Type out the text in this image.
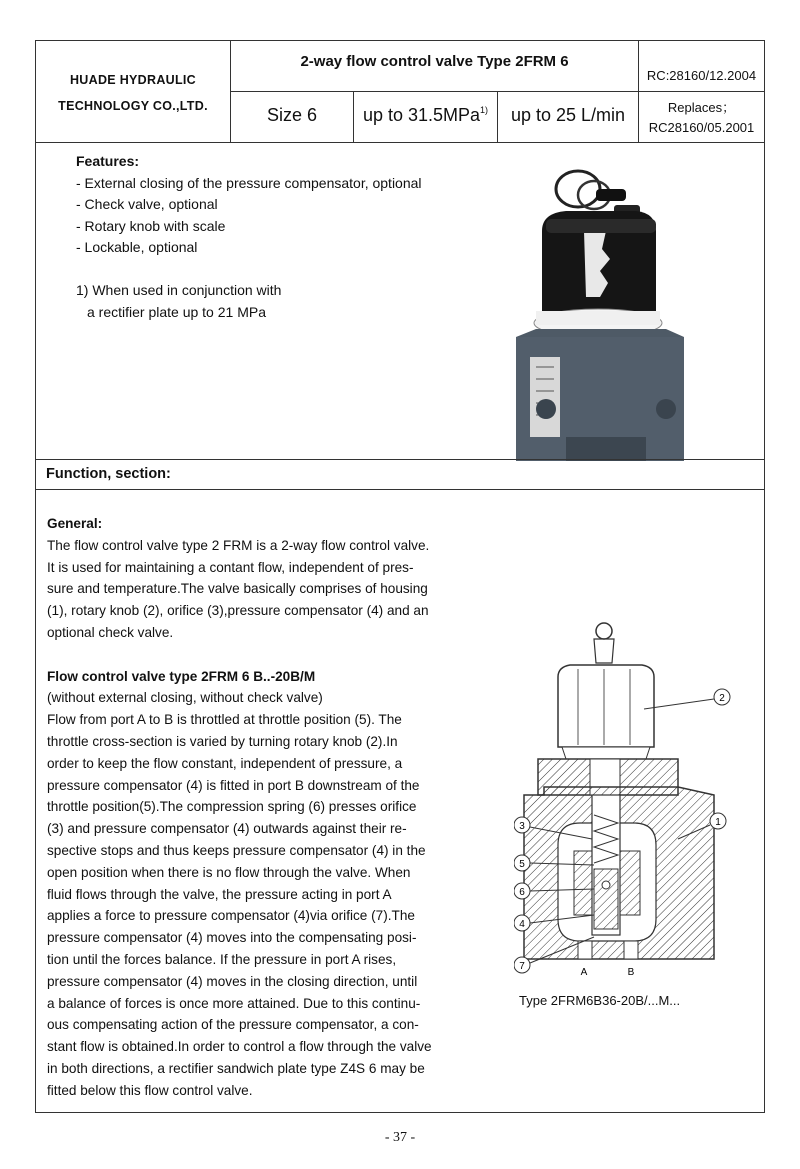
HUADE HYDRAULIC
TECHNOLOGY CO.,LTD.
2-way flow control valve Type 2FRM 6
RC:28160/12.2004
Size 6	up to 31.5MPa$^{1)}$	up to 25 L/min	Replaces；
RC28160/05.2001
Features:
- External closing of the pressure compensator, optional
- Check valve, optional
- Rotary knob with scale
- Lockable, optional
1) When used in conjunction with
a rectifier plate up to 21 MPa
Function, section:

General:

The flow control valve type 2 FRM is a 2-way flow control valve.

It is used for maintaining a contant flow, independent of pres-

sure and temperature.The valve basically comprises of housing

(1), rotary knob (2), orifice (3),pressure compensator (4) and an

optional check valve.

Flow control valve type 2FRM 6 B..-20B/M

(without external closing, without check valve)

Flow from port A to B is throttled at throttle position (5). The

throttle cross-section is varied by turning rotary knob (2).In

order to keep the flow constant, independent of pressure, a

pressure compensator (4) is fitted in port B downstream of the

throttle position(5).The compression spring (6) presses orifice

(3) and pressure compensator (4) outwards against their re-

spective stops and thus keeps pressure compensator (4) in the

open position when there is no flow through the valve. When

fluid flows through the valve, the pressure acting in port A

applies a force to pressure compensator (4)via orifice (7).The

pressure compensator (4) moves into the compensating posi-

tion until the forces balance. If the pressure in port A rises,

pressure compensator (4) moves in the closing direction, until

a balance of forces is once more attained. Due to this continu-

ous compensating action of the pressure compensator, a con-

stant flow is obtained.In order to control a flow through the valve

in both directions, a rectifier sandwich plate type Z4S 6 may be

fitted below this flow control valve.

A	B
2
1
3
5
6
4
7
Type 2FRM6B36-20B/...M...
- 37 -
